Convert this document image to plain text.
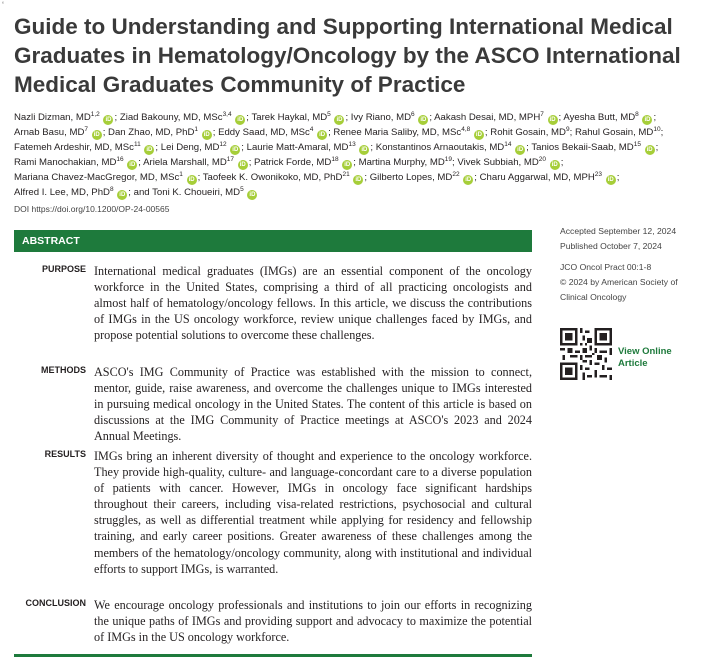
‘
Guide to Understanding and Supporting International Medical Graduates in Hematology/Oncology by the ASCO International Medical Graduates Community of Practice
Nazli Dizman, MD$^{1,2}$ iD ; Ziad Bakouny, MD, MSc$^{3,4}$ iD ; Tarek Haykal, $MD^5$ iD ; Ivy Riano, $MD^6$ iD ; Aakash Desai, MD, MPH$^7$ iD ; Ayesha Butt, $MD^8$ iD ; Arnab Basu, $MD^7$ iD ; Dan Zhao, MD, PhD$^1$ iD ; Eddy Saad, MD, MSc$^4$ iD ; Renee Maria Saliby, MD, MSc$^{4,8}$ iD ; Rohit Gosain, $MD^9$; Rahul Gosain, MD$^{10}$; Fatemeh Ardeshir, MD, MSc$^{11}$ iD ; Lei Deng, MD$^{12}$ iD ; Laurie Matt-Amaral, MD$^{13}$ iD ; Konstantinos Arnaoutakis, MD$^{14}$ iD ; Tanios Bekaii-Saab, MD$^{15}$ iD ; Rami Manochakian, MD$^{16}$ iD ; Ariela Marshall, MD$^{17}$ iD ; Patrick Forde, MD$^{18}$ iD ; Martina Murphy, MD$^{19}$; Vivek Subbiah, MD$^{20}$ iD ; Mariana Chavez-MacGregor, MD, MSc$^1$ iD ; Taofeek K. Owonikoko, MD, PhD$^{21}$ iD ; Gilberto Lopes, MD$^{22}$ iD ; Charu Aggarwal, MD, MPH$^{23}$ iD ; Alfred I. Lee, MD, PhD$^8$ iD ; and Toni K. Choueiri, $MD^5$ iD
DOI https://doi.org/10.1200/OP-24-00565
ABSTRACT
PURPOSE International medical graduates (IMGs) are an essential component of the oncology workforce in the United States, comprising a third of all practicing oncologists and almost half of hematology/oncology fellows. In this article, we discuss the contributions of IMGs in the US oncology workforce, review unique challenges faced by IMGs, and propose potential solutions to overcome these challenges.

METHODS ASCO's IMG Community of Practice was established with the mission to connect, mentor, guide, raise awareness, and overcome the challenges unique to IMGs interested in pursuing medical oncology in the United States. The content of this article is based on discussions at the IMG Community of Practice meetings at ASCO's 2023 and 2024 Annual Meetings.

RESULTS IMGs bring an inherent diversity of thought and experience to the oncology workforce. They provide high-quality, culture- and language-concordant care to a diverse population of patients with cancer. However, IMGs in oncology face significant hardships throughout their careers, including visa-related restrictions, psychosocial and cultural struggles, as well as differential treatment while applying for residency and fellowship training, and early career positions. Greater awareness of these challenges among the members of the hematology/oncology community, along with institutional and individual efforts to support IMGs, is warranted.

CONCLUSION We encourage oncology professionals and institutions to join our efforts in recognizing the unique paths of IMGs and providing support and advocacy to maximize the potential of IMGs in the US oncology workforce.

Accepted September 12, 2024
Published October 7, 2024
JCO Oncol Pract 00:1-8
© 2024 by American Society of
Clinical Oncology
View Online
Article
